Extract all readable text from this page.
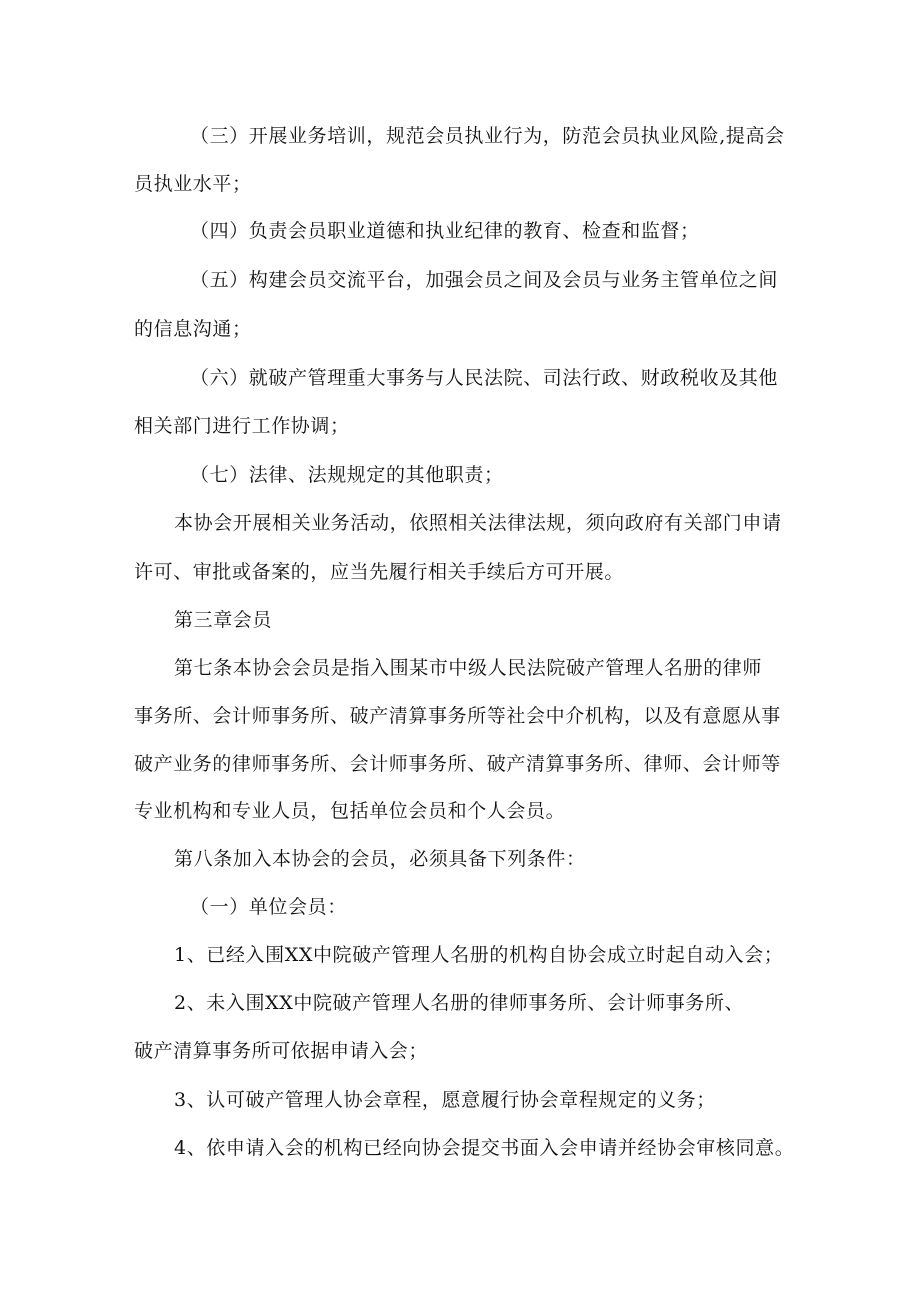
（三）开展业务培训，规范会员执业行为，防范会员执业风险,提高会
员执业水平；
（四）负责会员职业道德和执业纪律的教育、检查和监督；
（五）构建会员交流平台，加强会员之间及会员与业务主管单位之间
的信息沟通；
（六）就破产管理重大事务与人民法院、司法行政、财政税收及其他
相关部门进行工作协调；
（七）法律、法规规定的其他职责；
本协会开展相关业务活动，依照相关法律法规，须向政府有关部门申请
许可、审批或备案的，应当先履行相关手续后方可开展。
第三章会员
第七条本协会会员是指入围某市中级人民法院破产管理人名册的律师
事务所、会计师事务所、破产清算事务所等社会中介机构，以及有意愿从事
破产业务的律师事务所、会计师事务所、破产清算事务所、律师、会计师等
专业机构和专业人员，包括单位会员和个人会员。
第八条加入本协会的会员，必须具备下列条件：
（一）单位会员：
1、已经入围XX中院破产管理人名册的机构自协会成立时起自动入会；
2、未入围XX中院破产管理人名册的律师事务所、会计师事务所、
破产清算事务所可依据申请入会；
3、认可破产管理人协会章程，愿意履行协会章程规定的义务；
4、依申请入会的机构已经向协会提交书面入会申请并经协会审核同意。
